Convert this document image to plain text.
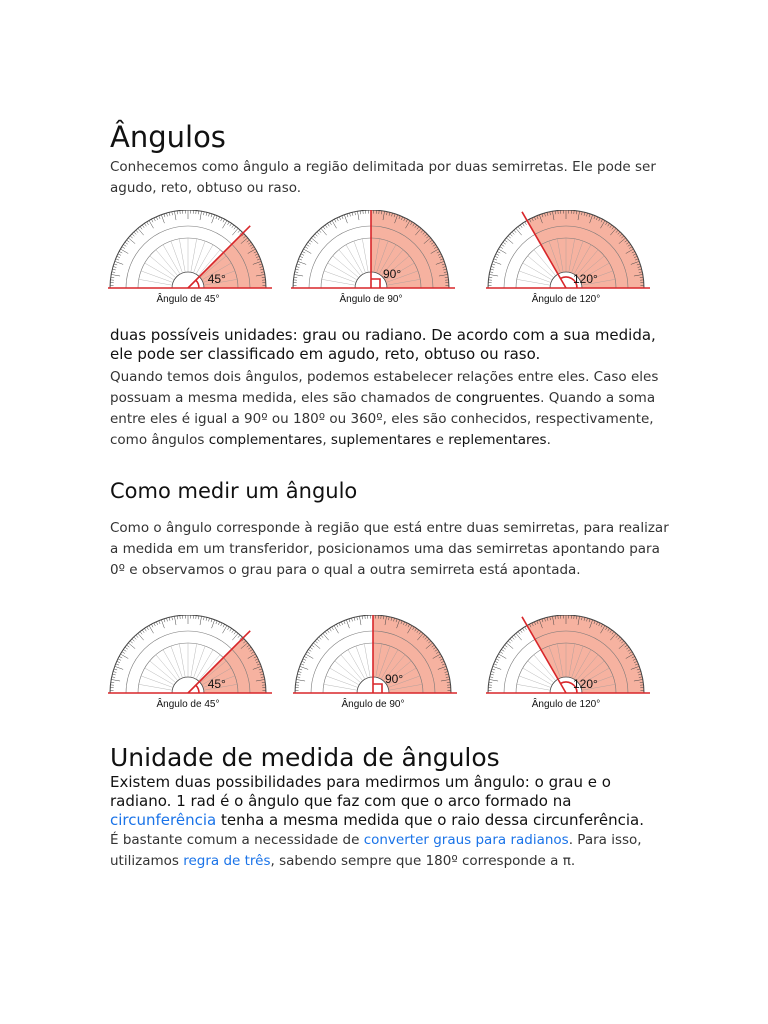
Ângulos

Conhecemos como ângulo a região delimitada por duas semirretas. Ele pode ser agudo, reto, obtuso ou raso.

45°
Ângulo de 45°
90°
Ângulo de 90°
120°
Ângulo de 120°

duas possíveis unidades: grau ou radiano. De acordo com a sua medida,
ele pode ser classificado em agudo, reto, obtuso ou raso.

Quando temos dois ângulos, podemos estabelecer relações entre eles. Caso eles possuam a mesma medida, eles são chamados de congruentes. Quando a soma entre eles é igual a 90º ou 180º ou 360º, eles são conhecidos, respectivamente, como ângulos complementares, suplementares e replementares.

Como medir um ângulo

Como o ângulo corresponde à região que está entre duas semirretas, para realizar a medida em um transferidor, posicionamos uma das semirretas apontando para 0º e observamos o grau para o qual a outra semirreta está apontada.

45°
Ângulo de 45°
90°
Ângulo de 90°
120°
Ângulo de 120°
Unidade de medida de ângulos

Existem duas possibilidades para medirmos um ângulo: o grau e o radiano. 1 rad é o ângulo que faz com que o arco formado na circunferência tenha a mesma medida que o raio dessa circunferência.

É bastante comum a necessidade de converter graus para radianos. Para isso, utilizamos regra de três, sabendo sempre que 180º corresponde a π.
